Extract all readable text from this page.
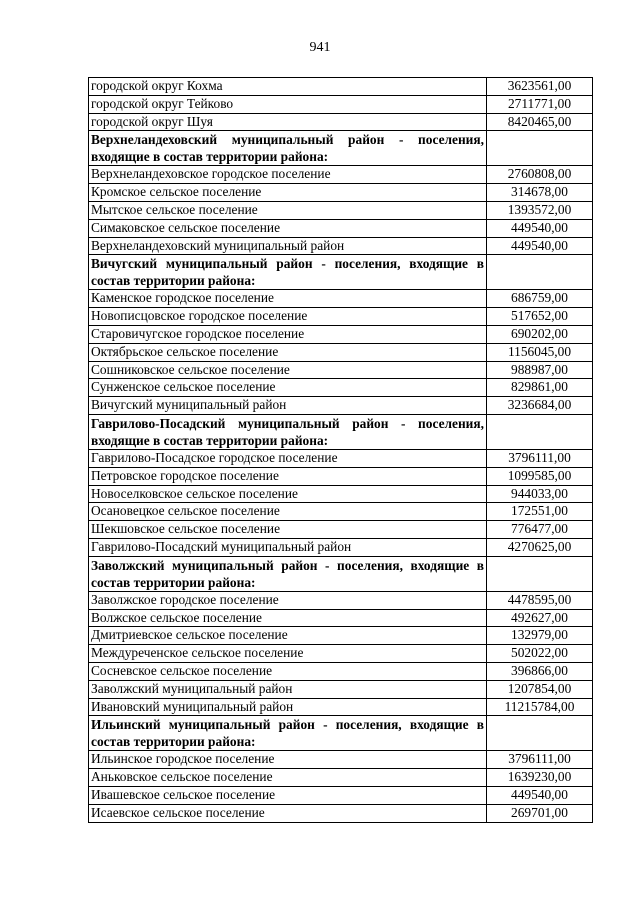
941
городской округ Кохма	3623561,00
городской округ Тейково	2711771,00
городской округ Шуя	8420465,00
Верхнеландеховский муниципальный район - поселения, входящие в состав территории района:	
Верхнеландеховское городское поселение	2760808,00
Кромское сельское поселение	314678,00
Мытское сельское поселение	1393572,00
Симаковское сельское поселение	449540,00
Верхнеландеховский муниципальный район	449540,00
Вичугский муниципальный район - поселения, входящие в состав территории района:	
Каменское городское поселение	686759,00
Новописцовское городское поселение	517652,00
Старовичугское городское поселение	690202,00
Октябрьское сельское поселение	1156045,00
Сошниковское сельское поселение	988987,00
Сунженское сельское поселение	829861,00
Вичугский муниципальный район	3236684,00
Гаврилово-Посадский муниципальный район - поселения, входящие в состав территории района:	
Гаврилово-Посадское городское поселение	3796111,00
Петровское городское поселение	1099585,00
Новоселковское сельское поселение	944033,00
Осановецкое сельское поселение	172551,00
Шекшовское сельское поселение	776477,00
Гаврилово-Посадский муниципальный район	4270625,00
Заволжский муниципальный район - поселения, входящие в состав территории района:	
Заволжское городское поселение	4478595,00
Волжское сельское поселение	492627,00
Дмитриевское сельское поселение	132979,00
Междуреченское сельское поселение	502022,00
Сосневское сельское поселение	396866,00
Заволжский муниципальный район	1207854,00
Ивановский муниципальный район	11215784,00
Ильинский муниципальный район - поселения, входящие в состав территории района:	
Ильинское городское поселение	3796111,00
Аньковское сельское поселение	1639230,00
Ивашевское сельское поселение	449540,00
Исаевское сельское поселение	269701,00
